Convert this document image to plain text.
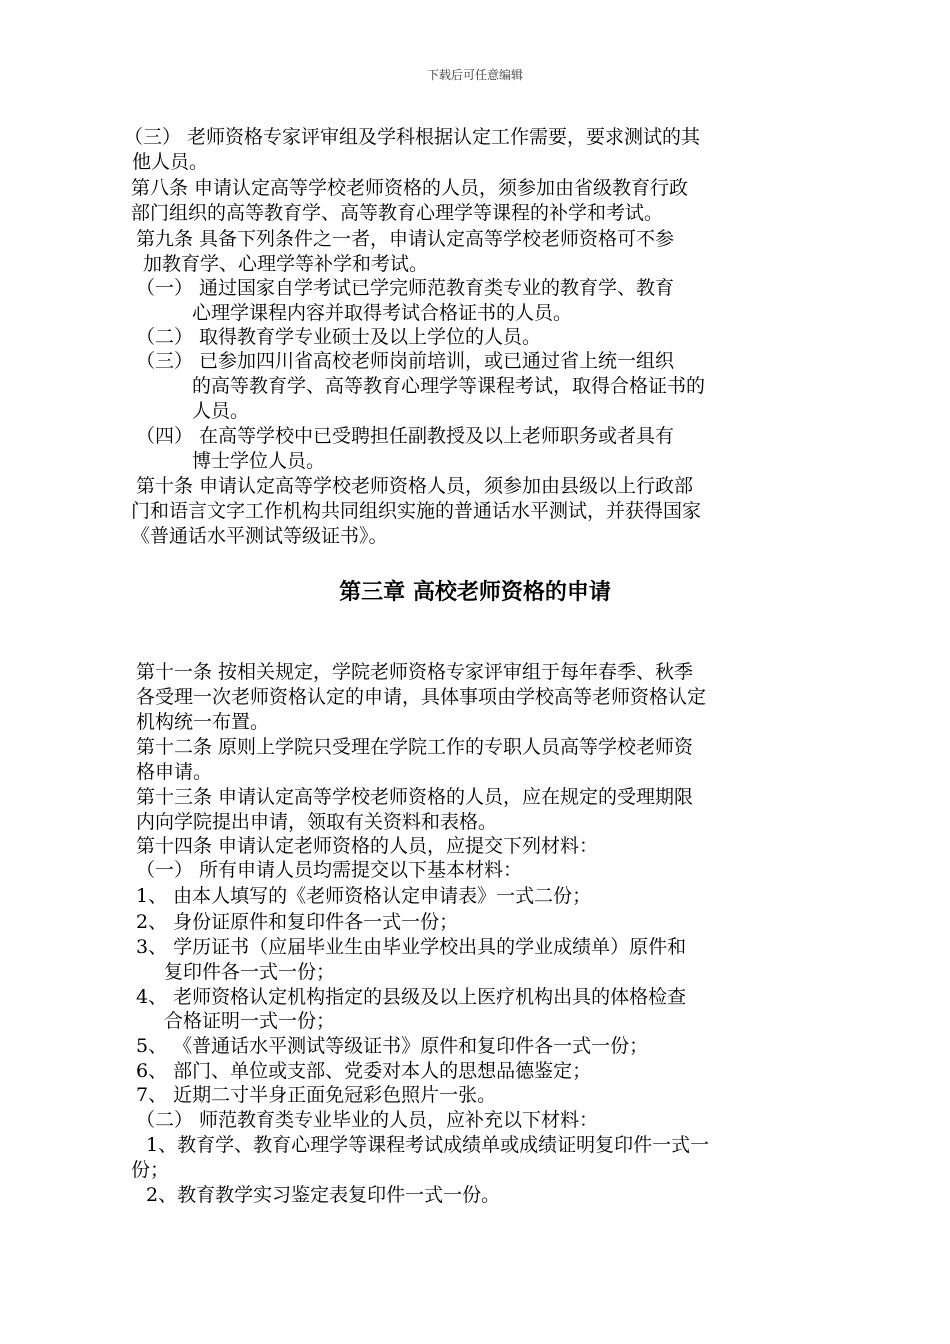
下载后可任意编辑
（三） 老师资格专家评审组及学科根据认定工作需要，要求测试的其
他人员。
第八条 申请认定高等学校老师资格的人员，须参加由省级教育行政
部门组织的高等教育学、高等教育心理学等课程的补学和考试。
第九条 具备下列条件之一者，申请认定高等学校老师资格可不参
加教育学、心理学等补学和考试。
（一） 通过国家自学考试已学完师范教育类专业的教育学、教育
心理学课程内容并取得考试合格证书的人员。
（二） 取得教育学专业硕士及以上学位的人员。
（三） 已参加四川省高校老师岗前培训，或已通过省上统一组织
的高等教育学、高等教育心理学等课程考试，取得合格证书的
人员。
（四） 在高等学校中已受聘担任副教授及以上老师职务或者具有
博士学位人员。
第十条 申请认定高等学校老师资格人员，须参加由县级以上行政部
门和语言文字工作机构共同组织实施的普通话水平测试，并获得国家
《普通话水平测试等级证书》。
第三章 高校老师资格的申请
第十一条 按相关规定，学院老师资格专家评审组于每年春季、秋季
各受理一次老师资格认定的申请，具体事项由学校高等老师资格认定
机构统一布置。
第十二条 原则上学院只受理在学院工作的专职人员高等学校老师资
格申请。
第十三条 申请认定高等学校老师资格的人员，应在规定的受理期限
内向学院提出申请，领取有关资料和表格。
第十四条 申请认定老师资格的人员，应提交下列材料：
（一） 所有申请人员均需提交以下基本材料：
1、 由本人填写的《老师资格认定申请表》一式二份；
2、 身份证原件和复印件各一式一份；
3、 学历证书（应届毕业生由毕业学校出具的学业成绩单）原件和
复印件各一式一份；
4、 老师资格认定机构指定的县级及以上医疗机构出具的体格检查
合格证明一式一份；
5、 《普通话水平测试等级证书》原件和复印件各一式一份；
6、 部门、单位或支部、党委对本人的思想品德鉴定；
7、 近期二寸半身正面免冠彩色照片一张。
（二） 师范教育类专业毕业的人员，应补充以下材料：
1、教育学、教育心理学等课程考试成绩单或成绩证明复印件一式一
份；
2、教育教学实习鉴定表复印件一式一份。
